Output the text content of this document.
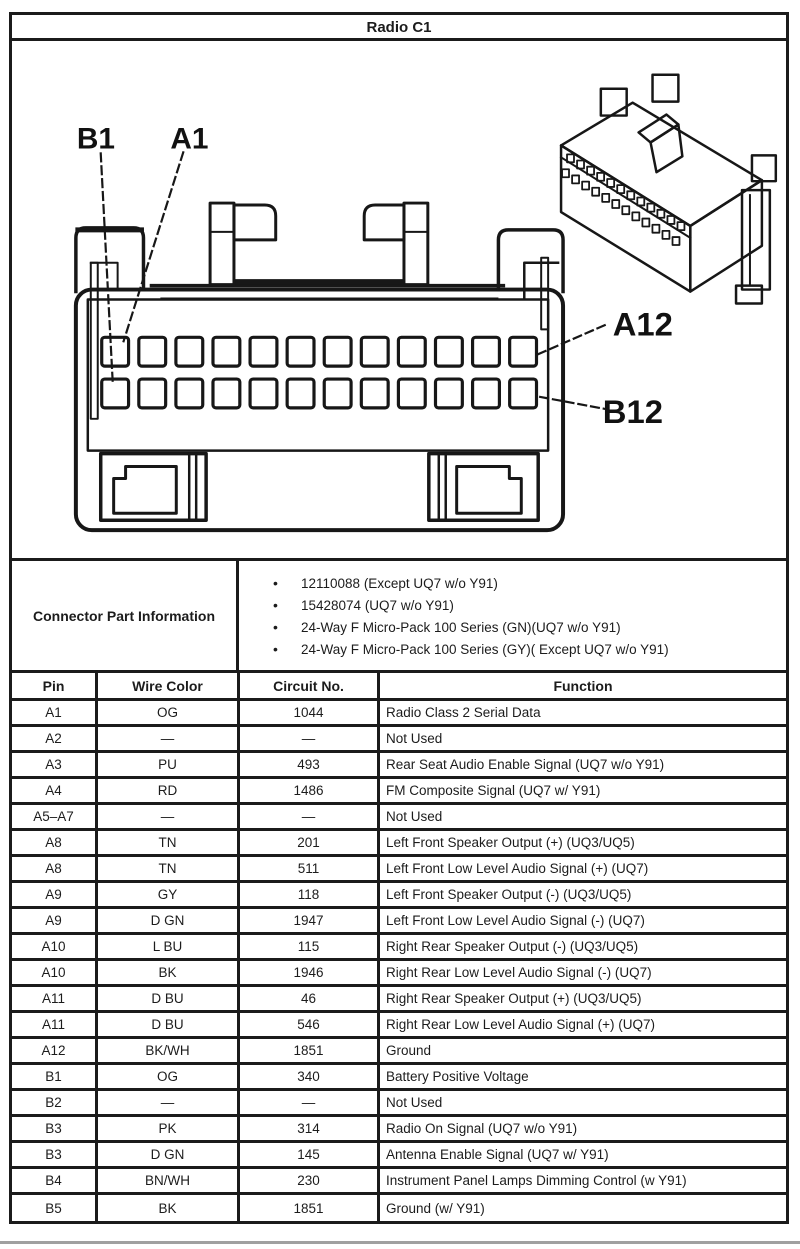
Radio C1
B1 A1
A12
B12
Connector Part Information
•	12110088 (Except UQ7 w/o Y91)
•	15428074 (UQ7 w/o Y91)
•	24-Way F Micro-Pack 100 Series (GN)(UQ7 w/o Y91)
•	24-Way F Micro-Pack 100 Series (GY)( Except UQ7 w/o Y91)
Pin	Wire Color	Circuit No.	Function
A1	OG	1044	Radio Class 2 Serial Data
A2	—	—	Not Used
A3	PU	493	Rear Seat Audio Enable Signal (UQ7 w/o Y91)
A4	RD	1486	FM Composite Signal (UQ7 w/ Y91)
A5–A7	—	—	Not Used
A8	TN	201	Left Front Speaker Output (+) (UQ3/UQ5)
A8	TN	511	Left Front Low Level Audio Signal (+) (UQ7)
A9	GY	118	Left Front Speaker Output (-) (UQ3/UQ5)
A9	D GN	1947	Left Front Low Level Audio Signal (-) (UQ7)
A10	L BU	115	Right Rear Speaker Output (-) (UQ3/UQ5)
A10	BK	1946	Right Rear Low Level Audio Signal (-) (UQ7)
A11	D BU	46	Right Rear Speaker Output (+) (UQ3/UQ5)
A11	D BU	546	Right Rear Low Level Audio Signal (+) (UQ7)
A12	BK/WH	1851	Ground
B1	OG	340	Battery Positive Voltage
B2	—	—	Not Used
B3	PK	314	Radio On Signal (UQ7 w/o Y91)
B3	D GN	145	Antenna Enable Signal (UQ7 w/ Y91)
B4	BN/WH	230	Instrument Panel Lamps Dimming Control (w Y91)
B5	BK	1851	Ground (w/ Y91)
